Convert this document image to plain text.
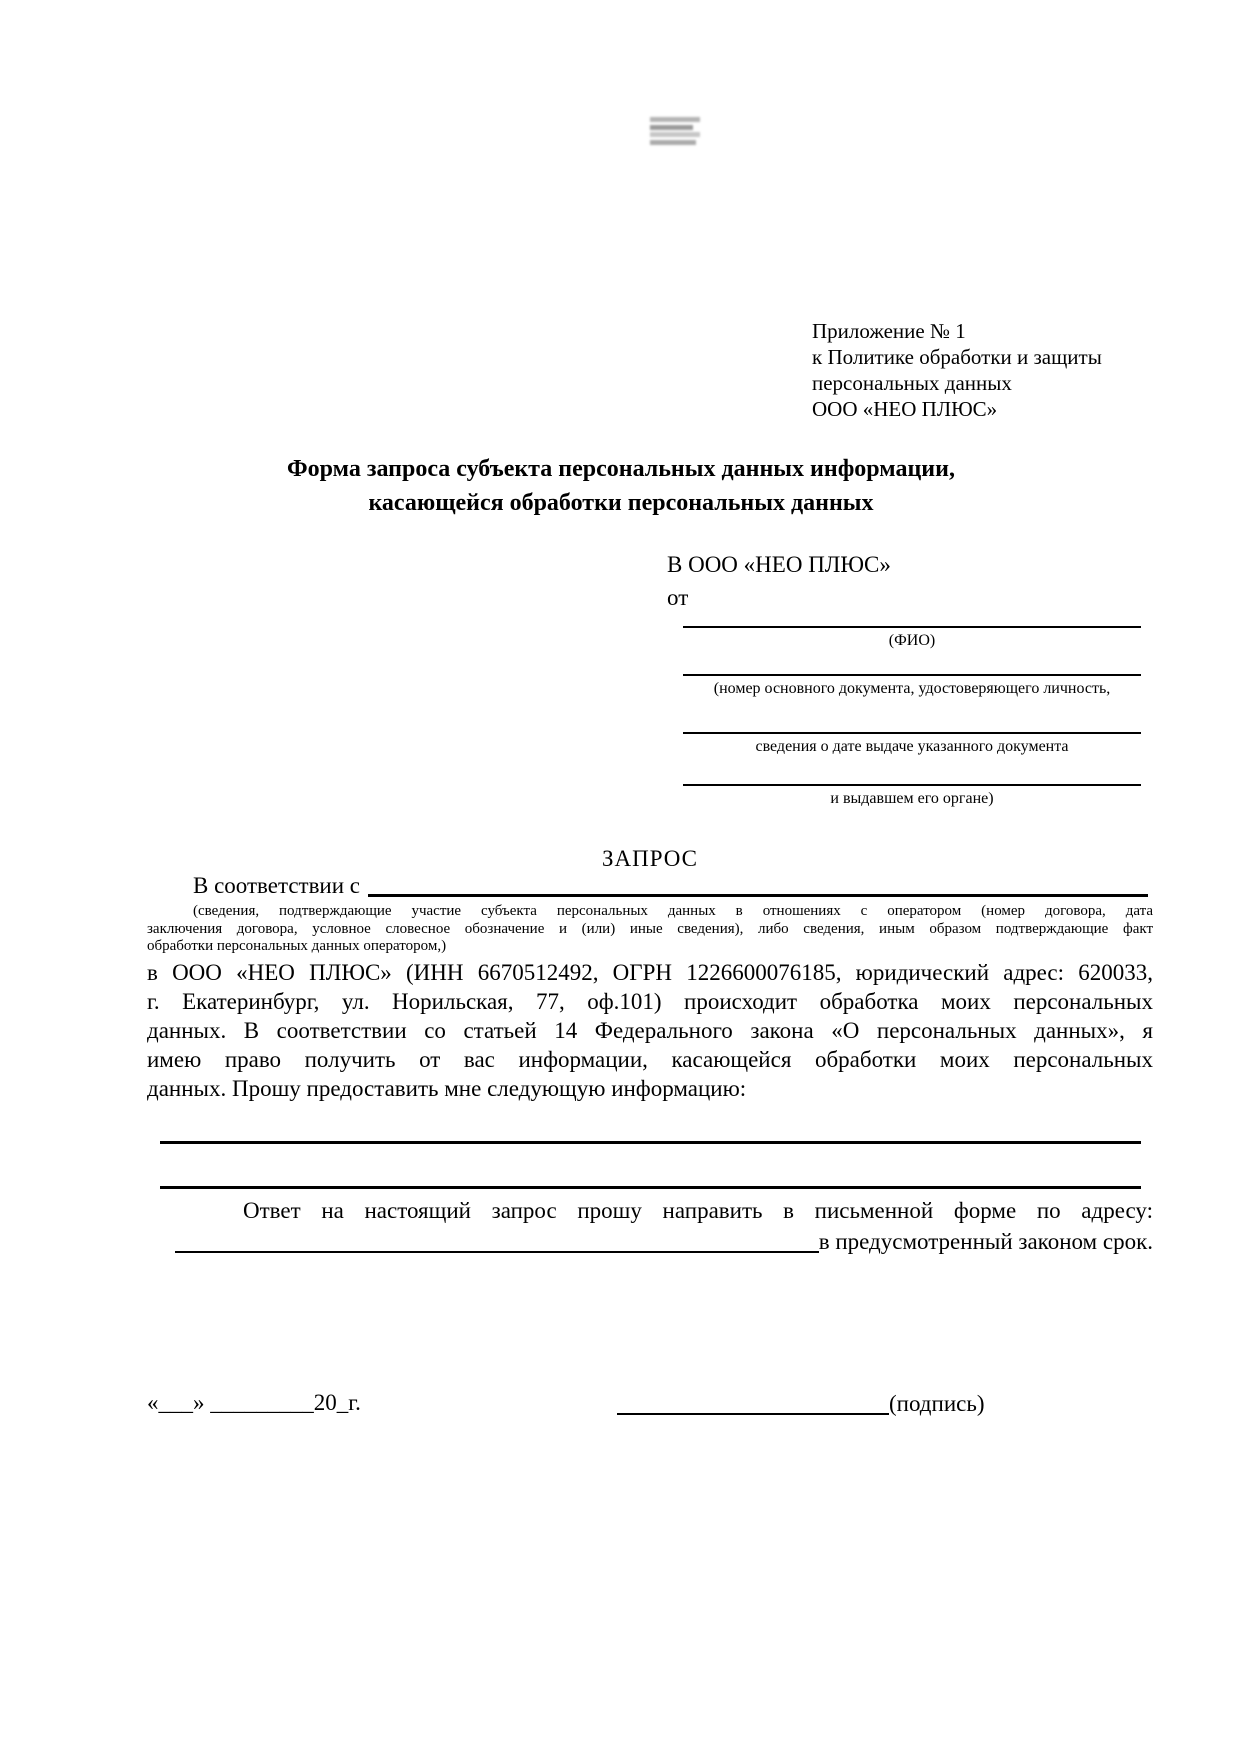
Приложение № 1
к Политике обработки и защиты
персональных данных
ООО «НЕО ПЛЮС»
Форма запроса субъекта персональных данных информации,
касающейся обработки персональных данных
В ООО «НЕО ПЛЮС»
от
(ФИО)
(номер основного документа, удостоверяющего личность,
сведения о дате выдаче указанного документа
и выдавшем его органе)
ЗАПРОС
В соответствии с
(сведения, подтверждающие участие субъекта персональных данных в отношениях с оператором (номер договора, дата
заключения договора, условное словесное обозначение и (или) иные сведения), либо сведения, иным образом подтверждающие факт
обработки персональных данных оператором,)
в ООО «НЕО ПЛЮС» (ИНН 6670512492, ОГРН 1226600076185, юридический адрес: 620033,
г. Екатеринбург, ул. Норильская, 77, оф.101) происходит обработка моих персональных
данных. В соответствии со статьей 14 Федерального закона «О персональных данных», я
имею право получить от вас информации, касающейся обработки моих персональных
данных. Прошу предоставить мне следующую информацию:
Ответ на настоящий запрос прошу направить в письменной форме по адресу:
в предусмотренный законом срок.
«___» _________20_г.	(подпись)
